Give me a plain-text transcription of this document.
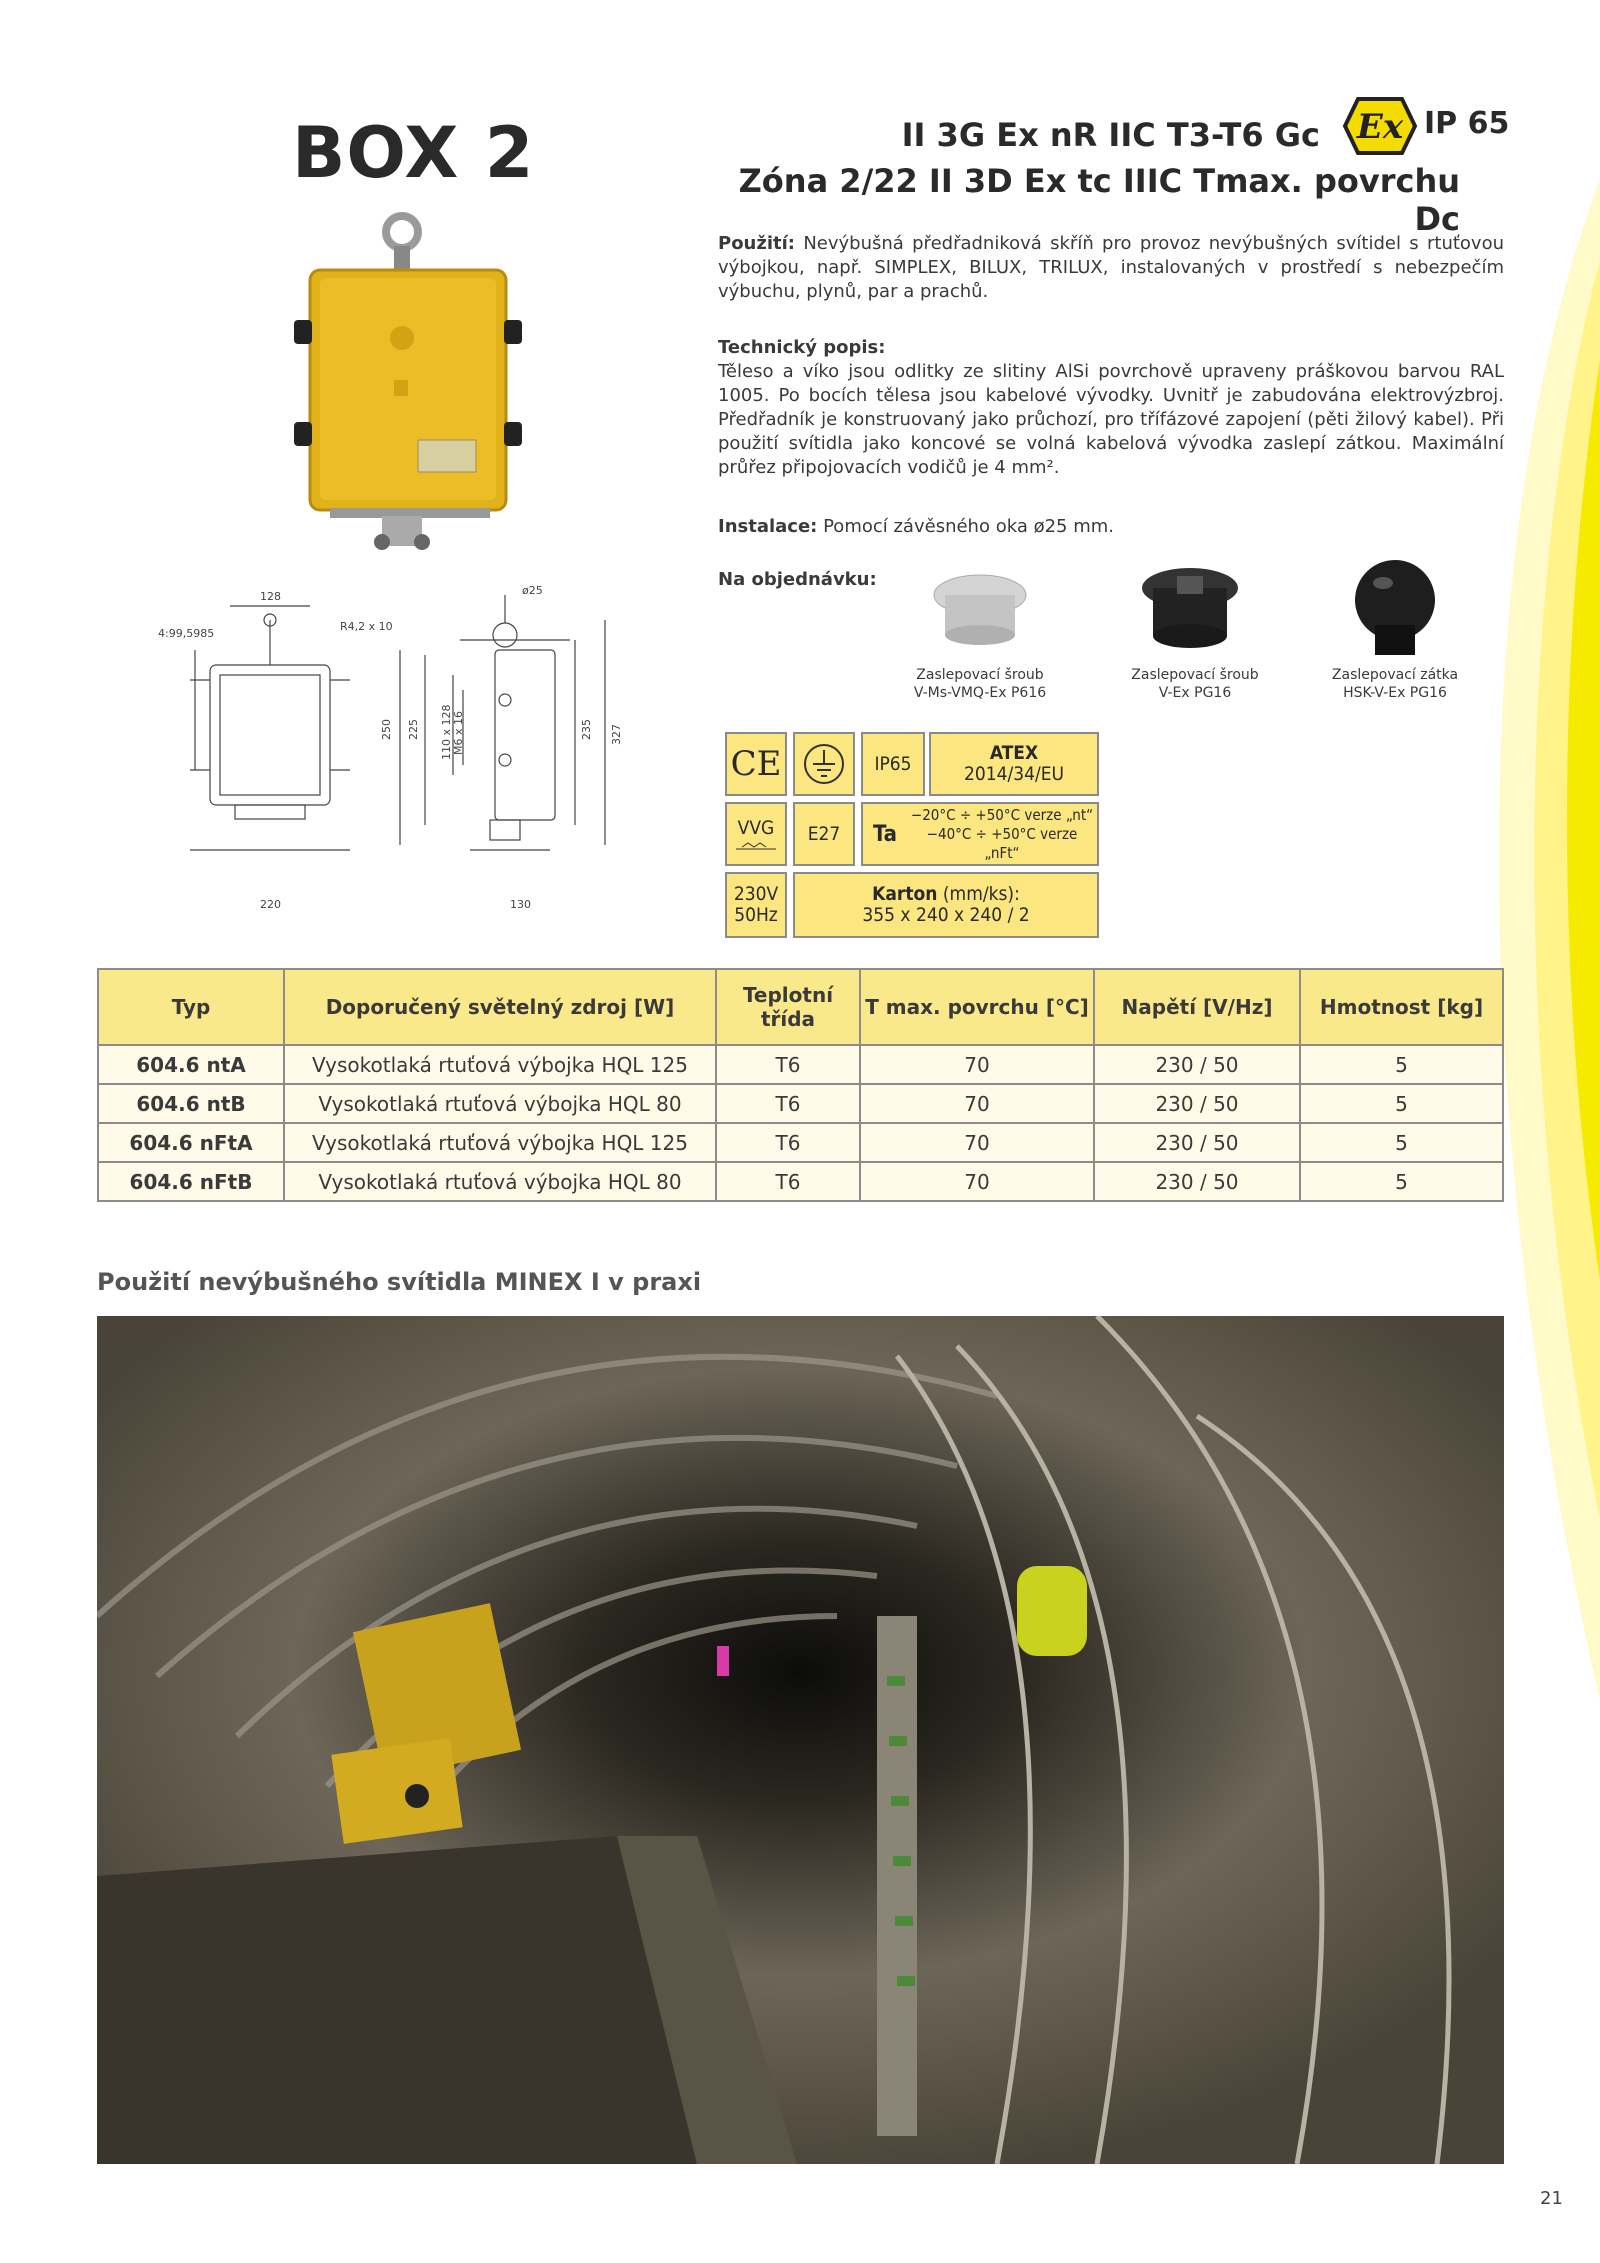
BOX 2	II 3G Ex nR IIC T3-T6 Gc
Zóna 2/22 II 3D Ex tc IIIC Tmax. povrchu Dc
Ex IP 65
128
R4,2 x 10
4:99,5985
ø25
250 225 110 x 128 M6 x 16	235 327
220	130
Použití: Nevýbušná předřadniková skříň pro provoz nevýbušných svítidel s rtuťovou výbojkou, např. SIMPLEX, BILUX, TRILUX, instalovaných v prostředí s nebezpečím výbuchu, plynů, par a prachů.
Technický popis:
Těleso a víko jsou odlitky ze slitiny AlSi povrchově upraveny práškovou barvou RAL 1005. Po bocích tělesa jsou kabelové vývodky. Uvnitř je zabudována elektrovýzbroj. Předřadník je konstruovaný jako průchozí, pro třífázové zapojení (pěti žilový kabel). Při použití svítidla jako koncové se volná kabelová vývodka zaslepí zátkou. Maximální průřez připojovacích vodičů je 4 mm².
Instalace: Pomocí závěsného oka ø25 mm.
Na objednávku:
Zaslepovací šroub
V-Ms-VMQ-Ex P616
Zaslepovací šroub
V-Ex PG16
Zaslepovací zátka
HSK-V-Ex PG16
CE	IP65	ATEX
2014/34/EU
VVG E27 Ta
−20°C ÷ +50°C verze „nt“
−40°C ÷ +50°C verze „nFt“
230V
50Hz
Karton (mm/ks):
355 x 240 x 240 / 2
Typ	Doporučený světelný zdroj [W]	Teplotní třída	T max. povrchu [°C]	Napětí [V/Hz]	Hmotnost [kg]
604.6 ntA	Vysokotlaká rtuťová výbojka HQL 125	T6	70	230 / 50	5
604.6 ntB	Vysokotlaká rtuťová výbojka HQL 80	T6	70	230 / 50	5
604.6 nFtA	Vysokotlaká rtuťová výbojka HQL 125	T6	70	230 / 50	5
604.6 nFtB	Vysokotlaká rtuťová výbojka HQL 80	T6	70	230 / 50	5
Použití nevýbušného svítidla MINEX I v praxi
21
